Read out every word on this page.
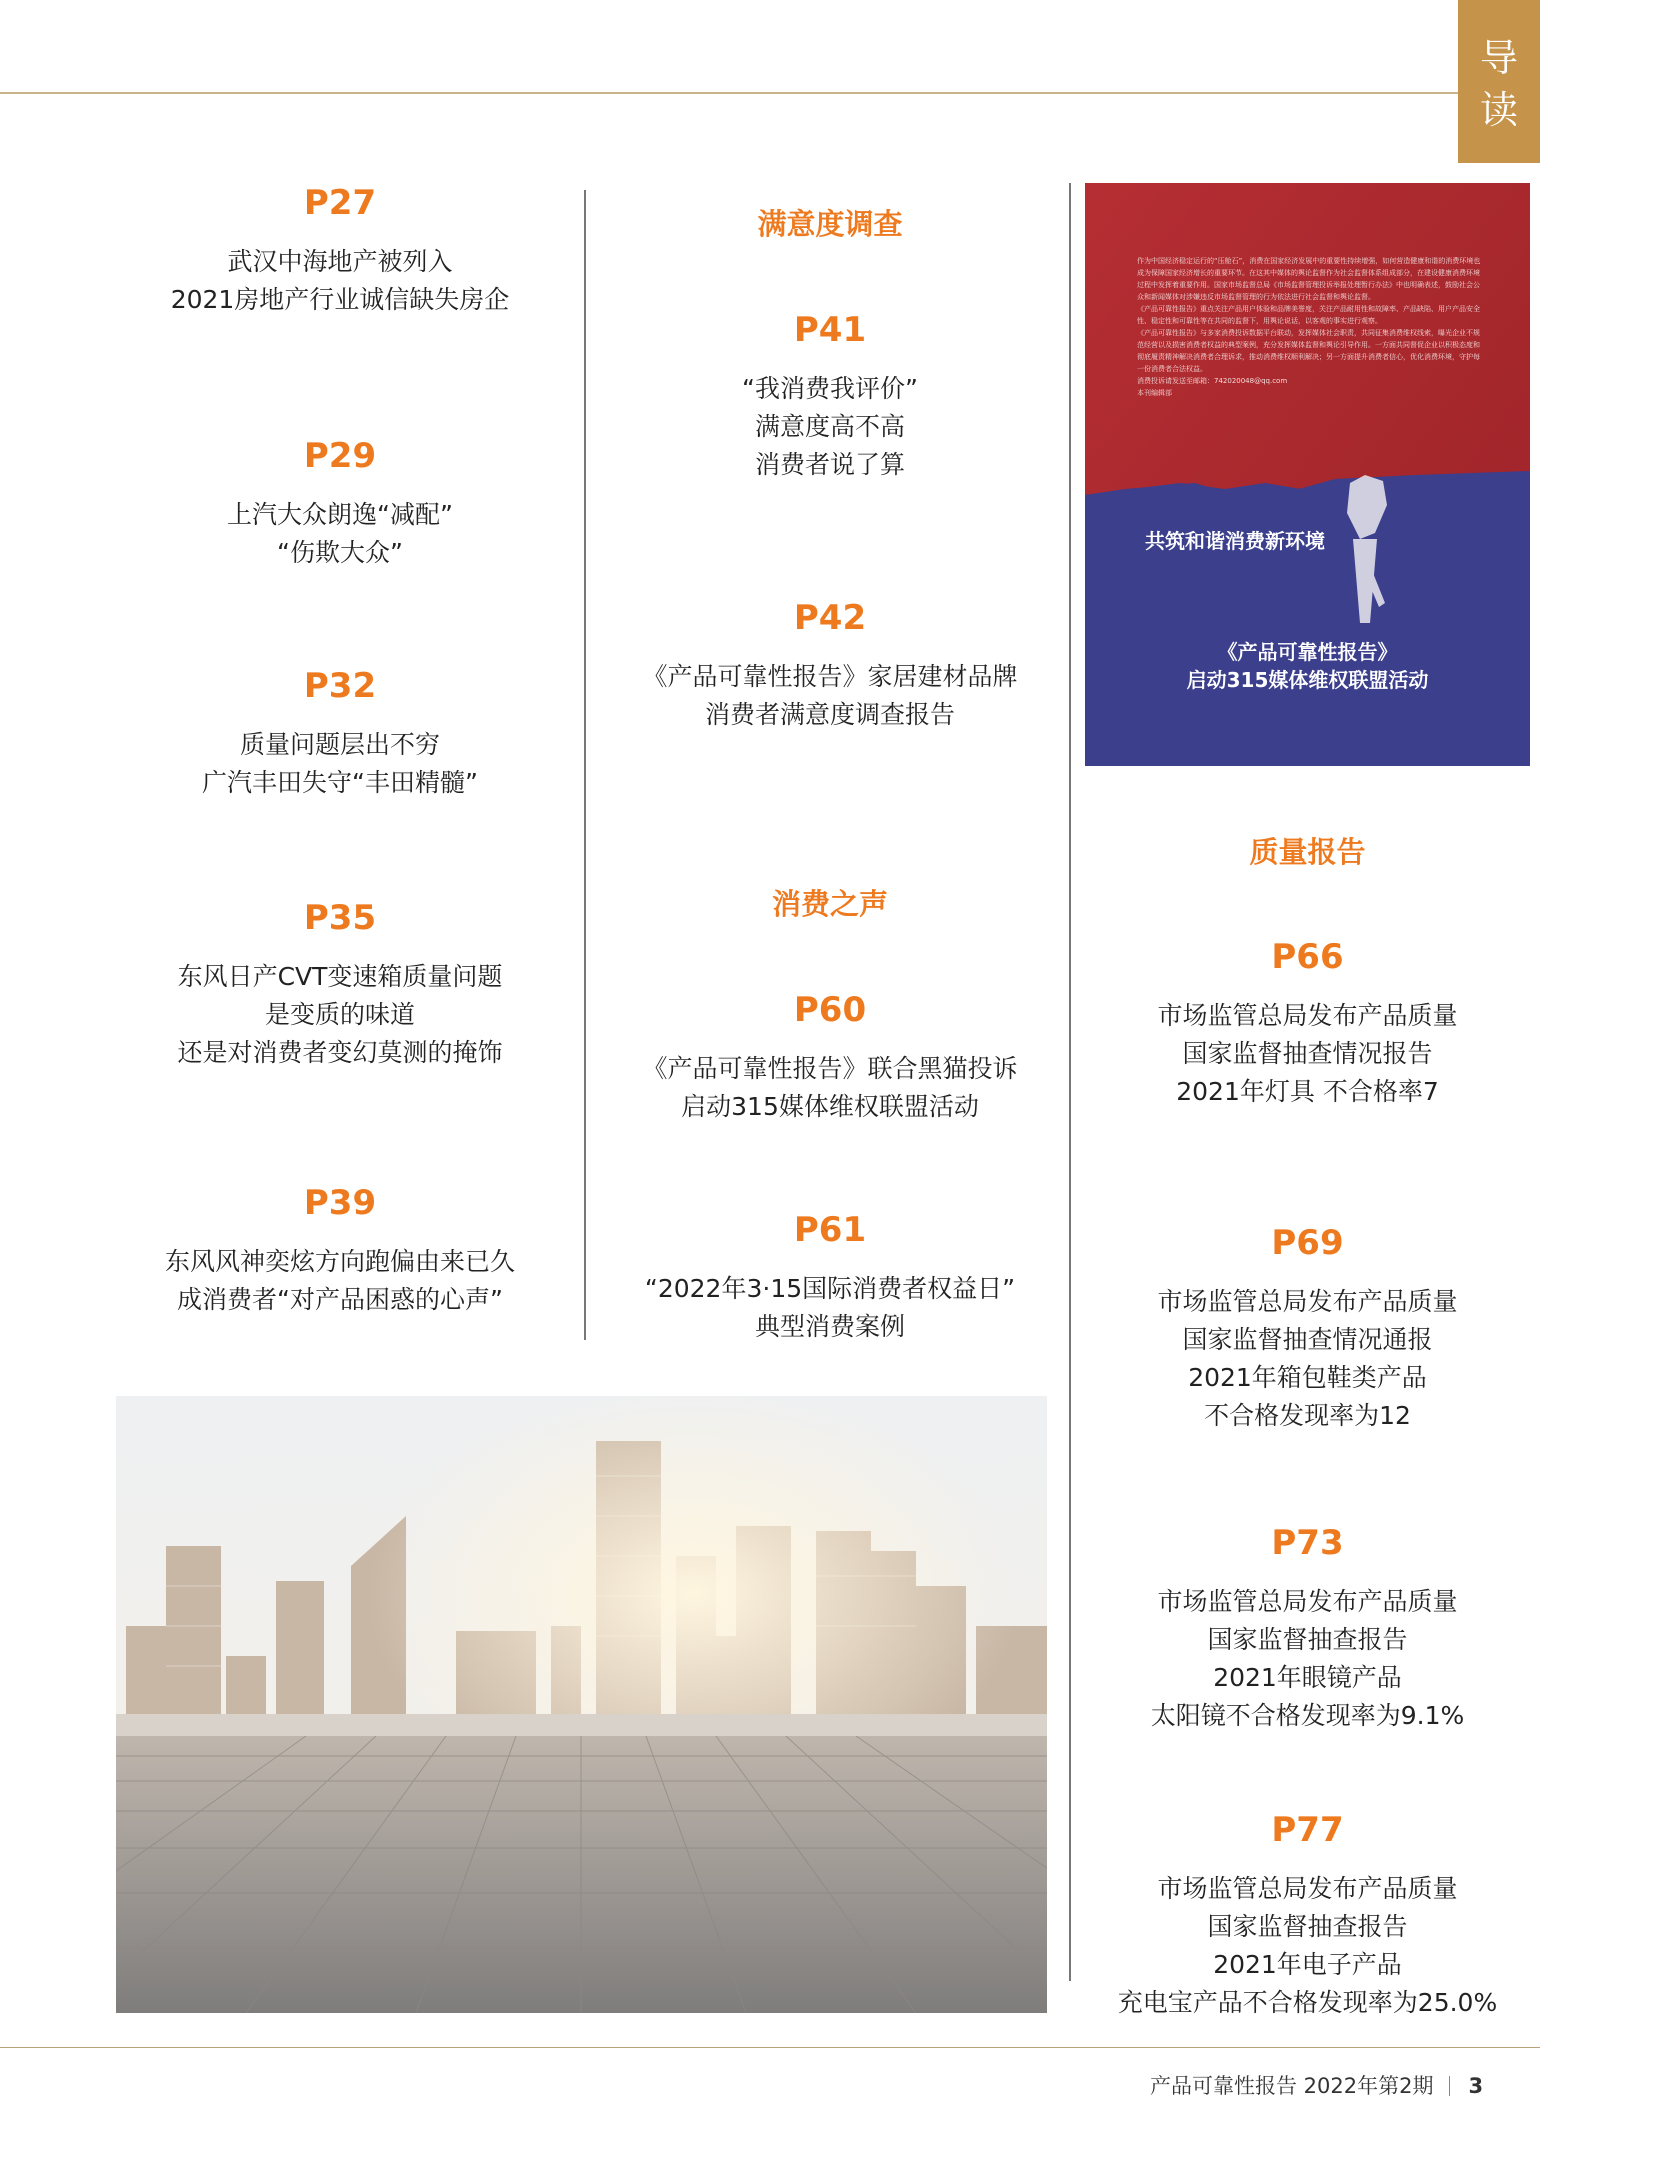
导
读
P27
武汉中海地产被列入
2021房地产行业诚信缺失房企
P29
上汽大众朗逸“减配”
“伤欺大众”
P32
质量问题层出不穷
广汽丰田失守“丰田精髓”
P35
东风日产CVT变速箱质量问题
是变质的味道
还是对消费者变幻莫测的掩饰
P39
东风风神奕炫方向跑偏由来已久
成消费者“对产品困惑的心声”
满意度调查
P41
“我消费我评价”
满意度高不高
消费者说了算
P42
《产品可靠性报告》家居建材品牌
消费者满意度调查报告
消费之声
P60
《产品可靠性报告》联合黑猫投诉
启动315媒体维权联盟活动
P61
“2022年3·15国际消费者权益日”
典型消费案例
作为中国经济稳定运行的“压舱石”，消费在国家经济发展中的重要性持续增强，如何营造健康和谐的消费环境也成为保障国家经济增长的重要环节。在这其中媒体的舆论监督作为社会监督体系组成部分，在建设健康消费环境过程中发挥着重要作用。国家市场监督总局《市场监督管理投诉举报处理暂行办法》中也明确表述，鼓励社会公众和新闻媒体对涉嫌违反市场监督管理的行为依法进行社会监督和舆论监督。
《产品可靠性报告》重点关注产品用户体验和品牌美誉度，关注产品耐用性和故障率、产品缺陷、用户产品安全性、稳定性和可靠性等在共同的监督下，用舆论说话，以客观的事实进行观察。
《产品可靠性报告》与多家消费投诉数据平台联动，发挥媒体社会职责，共同征集消费维权线索，曝光企业不规范经营以及损害消费者权益的典型案例，充分发挥媒体监督和舆论引导作用。一方面共同督促企业以积极态度和彻底履责精神解决消费者合理诉求，推动消费维权顺利解决；另一方面提升消费者信心，优化消费环境，守护每一份消费者合法权益。
消费投诉请发送至邮箱：742020048@qq.com
本刊编辑部
共筑和谐消费新环境
《产品可靠性报告》
启动315媒体维权联盟活动
质量报告
P66
市场监管总局发布产品质量
国家监督抽查情况报告
2021年灯具 不合格率7
P69
市场监管总局发布产品质量
国家监督抽查情况通报
2021年箱包鞋类产品
不合格发现率为12
P73
市场监管总局发布产品质量
国家监督抽查报告
2021年眼镜产品
太阳镜不合格发现率为9.1%
P77
市场监管总局发布产品质量
国家监督抽查报告
2021年电子产品
充电宝产品不合格发现率为25.0%
产品可靠性报告 2022年第2期 3
